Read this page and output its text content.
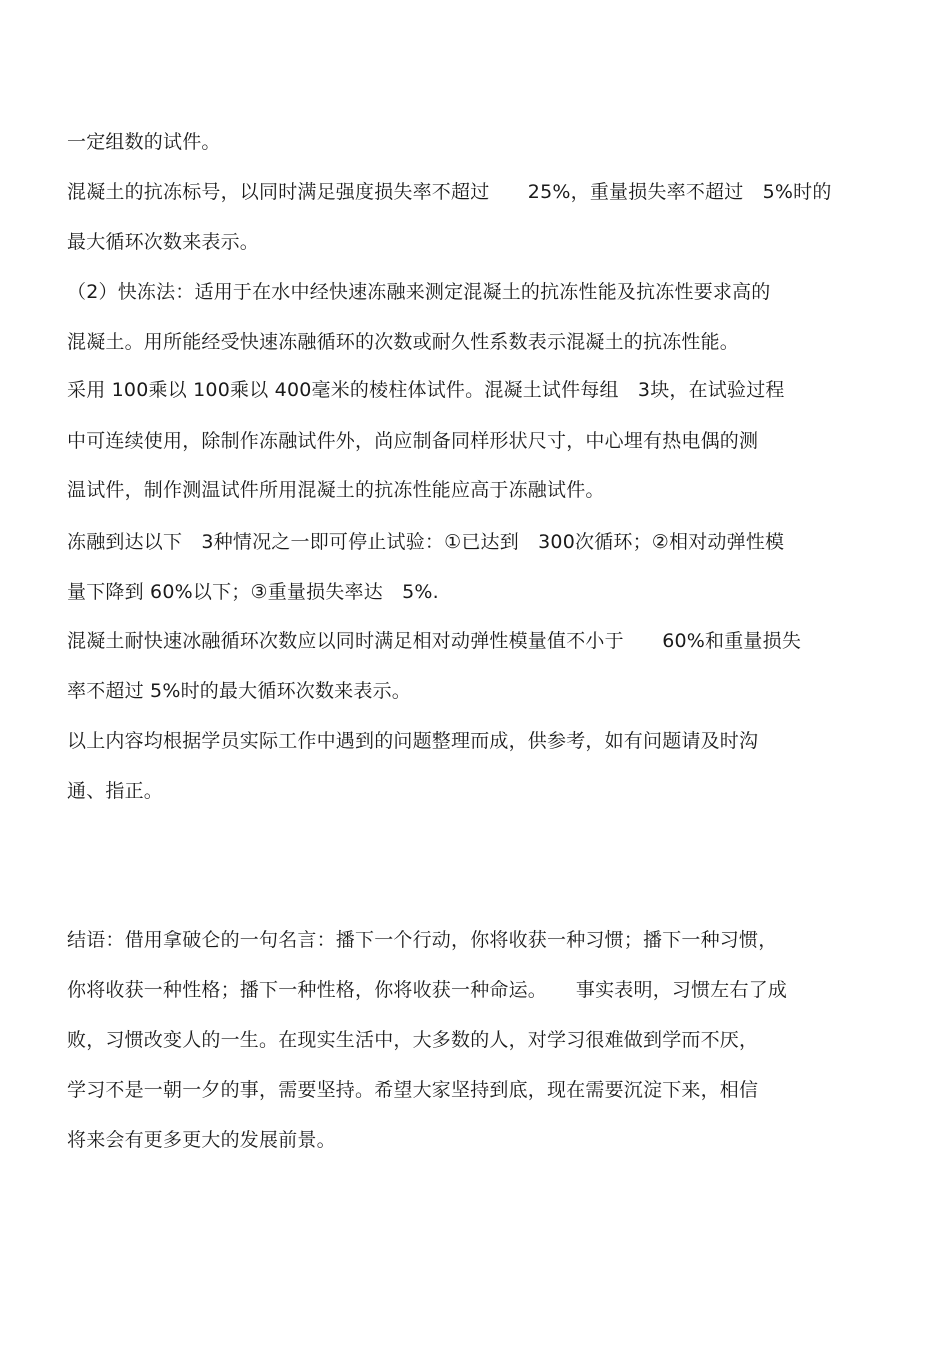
一定组数的试件。
混凝土的抗冻标号，以同时满足强度损失率不超过　　25%，重量损失率不超过　5%时的
最大循环次数来表示。
（2）快冻法：适用于在水中经快速冻融来测定混凝土的抗冻性能及抗冻性要求高的
混凝土。用所能经受快速冻融循环的次数或耐久性系数表示混凝土的抗冻性能。
采用 100乘以 100乘以 400毫米的棱柱体试件。混凝土试件每组　3块，在试验过程
中可连续使用，除制作冻融试件外，尚应制备同样形状尺寸，中心埋有热电偶的测
温试件，制作测温试件所用混凝土的抗冻性能应高于冻融试件。
冻融到达以下　3种情况之一即可停止试验：①已达到　300次循环；②相对动弹性模
量下降到 60%以下；③重量损失率达　5%.
混凝土耐快速冰融循环次数应以同时满足相对动弹性模量值不小于　　60%和重量损失
率不超过 5%时的最大循环次数来表示。
以上内容均根据学员实际工作中遇到的问题整理而成，供参考，如有问题请及时沟
通、指正。
结语：借用拿破仑的一句名言：播下一个行动，你将收获一种习惯；播下一种习惯，
你将收获一种性格；播下一种性格，你将收获一种命运。　　事实表明，习惯左右了成
败，习惯改变人的一生。在现实生活中，大多数的人，对学习很难做到学而不厌，
学习不是一朝一夕的事，需要坚持。希望大家坚持到底，现在需要沉淀下来，相信
将来会有更多更大的发展前景。
